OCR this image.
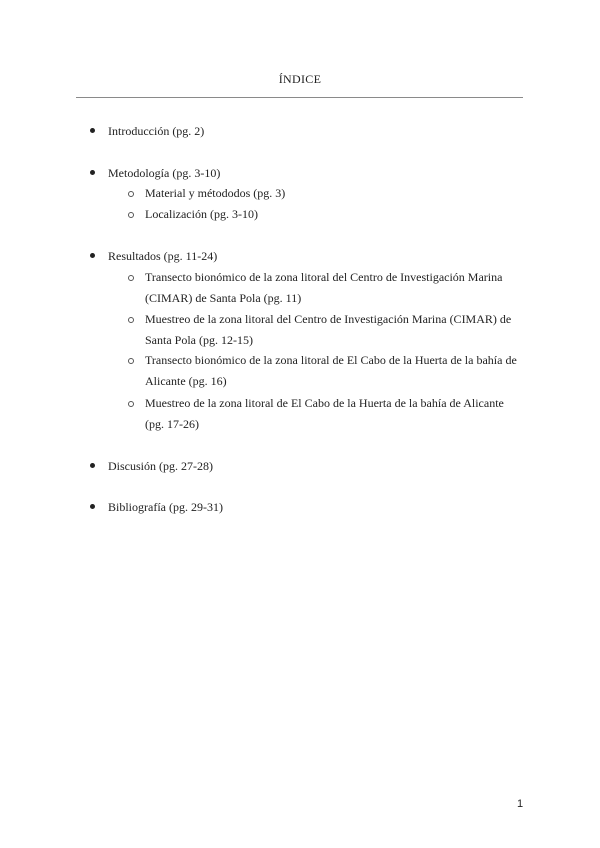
ÍNDICE
Introducción (pg. 2)
Metodología (pg. 3-10)
Material y métododos (pg. 3)
Localización (pg. 3-10)
Resultados (pg. 11-24)
Transecto bionómico de la zona litoral del Centro de Investigación Marina (CIMAR) de Santa Pola (pg. 11)
Muestreo de la zona litoral del Centro de Investigación Marina (CIMAR) de Santa Pola (pg. 12-15)
Transecto bionómico de la zona litoral de El Cabo de la Huerta de la bahía de Alicante (pg. 16)
Muestreo de la zona litoral de El Cabo de la Huerta de la bahía de Alicante (pg. 17-26)
Discusión (pg. 27-28)
Bibliografía (pg. 29-31)
1
